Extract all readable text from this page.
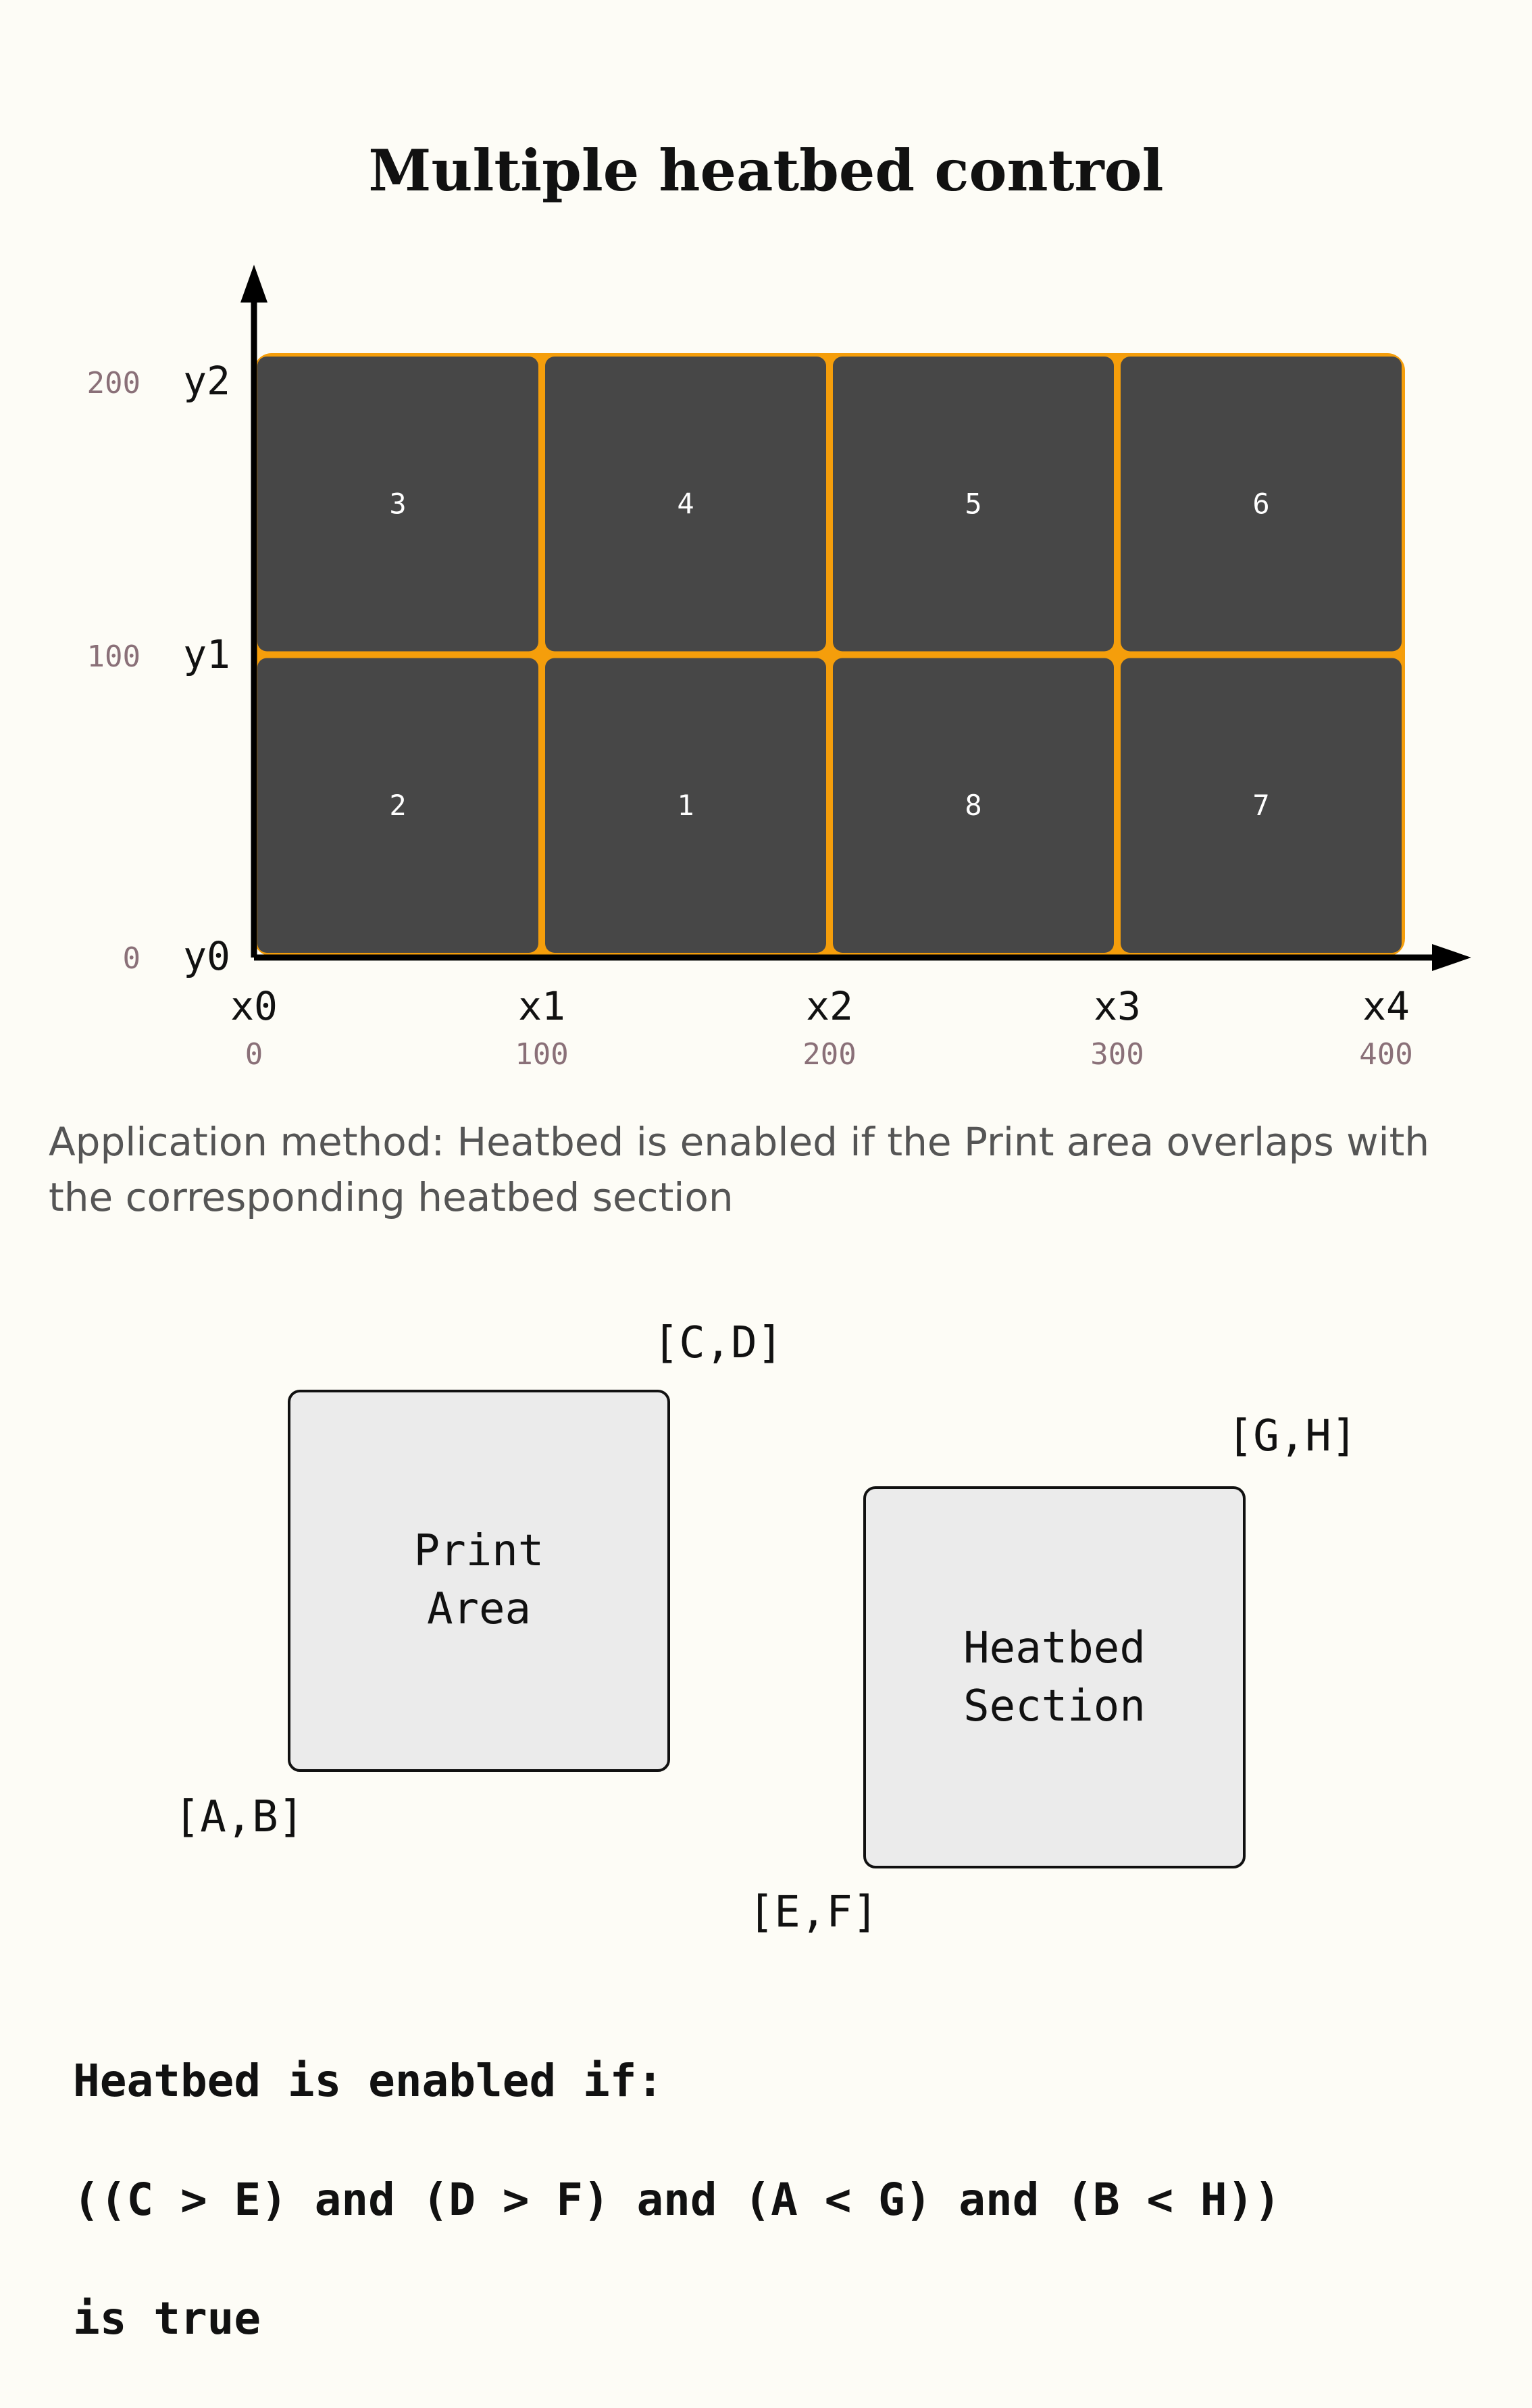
Multiple heatbed control
3	4	5	6
2	1	8	7
x0	x1	x2	x3	x4
0	100	200	300	400
y0
y1
y2
0
100
200
Print
Area
[C,D]
[A,B]
Heatbed
Section
[G,H]
[E,F]

Application method: Heatbed is enabled if the Print area overlaps with the corresponding heatbed section

Heatbed is enabled if:

((C > E) and (D > F) and (A < G) and (B < H))

is true
